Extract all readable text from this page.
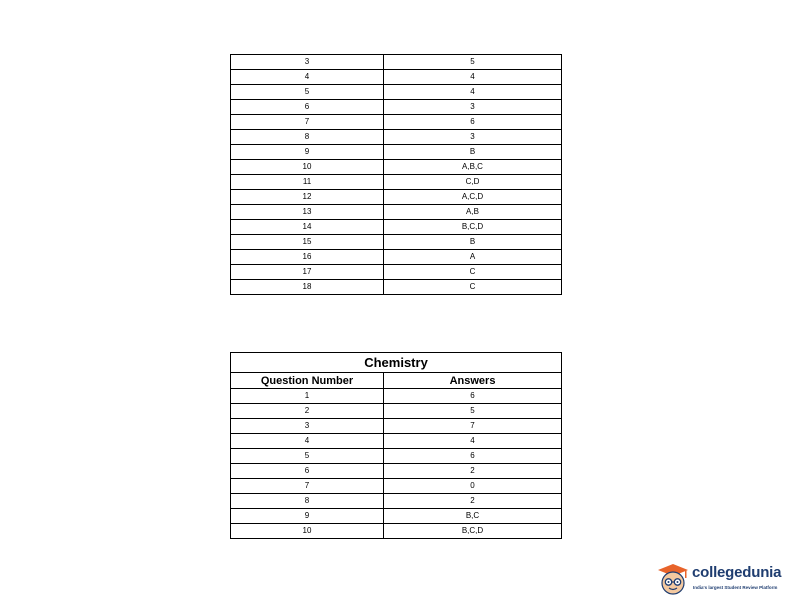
3	5
4	4
5	4
6	3
7	6
8	3
9	B
10	A,B,C
11	C,D
12	A,C,D
13	A,B
14	B,C,D
15	B
16	A
17	C
18	C
Chemistry	
Question Number	Answers
1	6
2	5
3	7
4	4
5	6
6	2
7	0
8	2
9	B,C
10	B,C,D
collegedunia
India's largest Student Review Platform
